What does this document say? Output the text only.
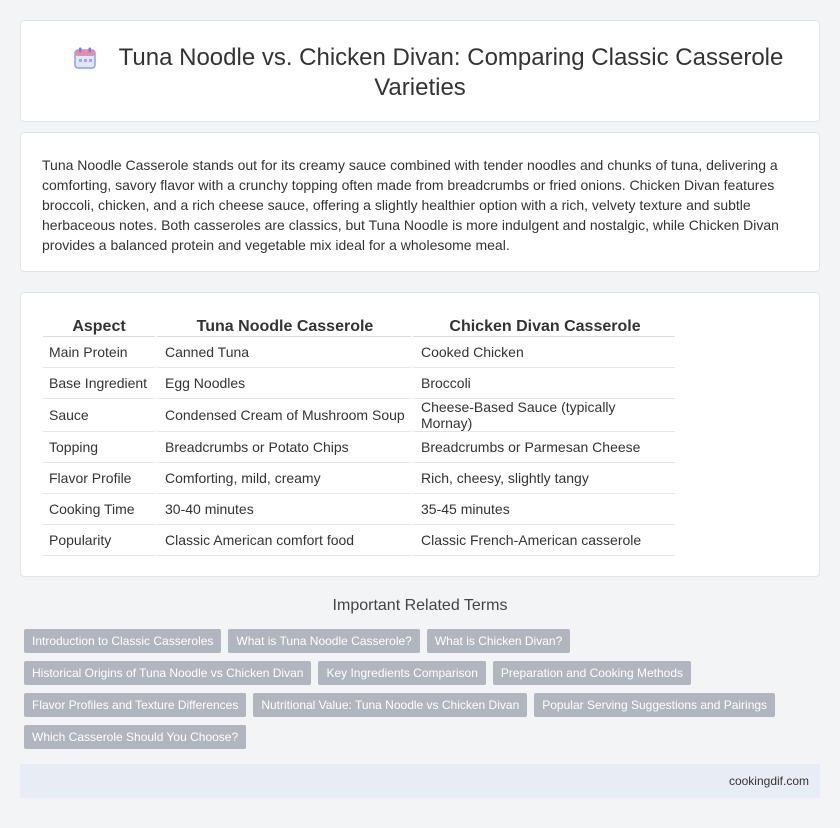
Tuna Noodle vs. Chicken Divan: Comparing Classic Casserole
Varieties

Tuna Noodle Casserole stands out for its creamy sauce combined with tender noodles and chunks of tuna, delivering a comforting, savory flavor with a crunchy topping often made from breadcrumbs or fried onions. Chicken Divan features broccoli, chicken, and a rich cheese sauce, offering a slightly healthier option with a rich, velvety texture and subtle herbaceous notes. Both casseroles are classics, but Tuna Noodle is more indulgent and nostalgic, while Chicken Divan provides a balanced protein and vegetable mix ideal for a wholesome meal.

Aspect	Tuna Noodle Casserole	Chicken Divan Casserole
Main Protein	Canned Tuna	Cooked Chicken
Base Ingredient	Egg Noodles	Broccoli
Sauce	Condensed Cream of Mushroom Soup	Cheese-Based Sauce (typically Mornay)
Topping	Breadcrumbs or Potato Chips	Breadcrumbs or Parmesan Cheese
Flavor Profile	Comforting, mild, creamy	Rich, cheesy, slightly tangy
Cooking Time	30-40 minutes	35-45 minutes
Popularity	Classic American comfort food	Classic French-American casserole
Important Related Terms
Introduction to Classic Casseroles	What is Tuna Noodle Casserole?	What is Chicken Divan?
Historical Origins of Tuna Noodle vs Chicken Divan	Key Ingredients Comparison	Preparation and Cooking Methods
Flavor Profiles and Texture Differences	Nutritional Value: Tuna Noodle vs Chicken Divan	Popular Serving Suggestions and Pairings
Which Casserole Should You Choose?
cookingdif.com
